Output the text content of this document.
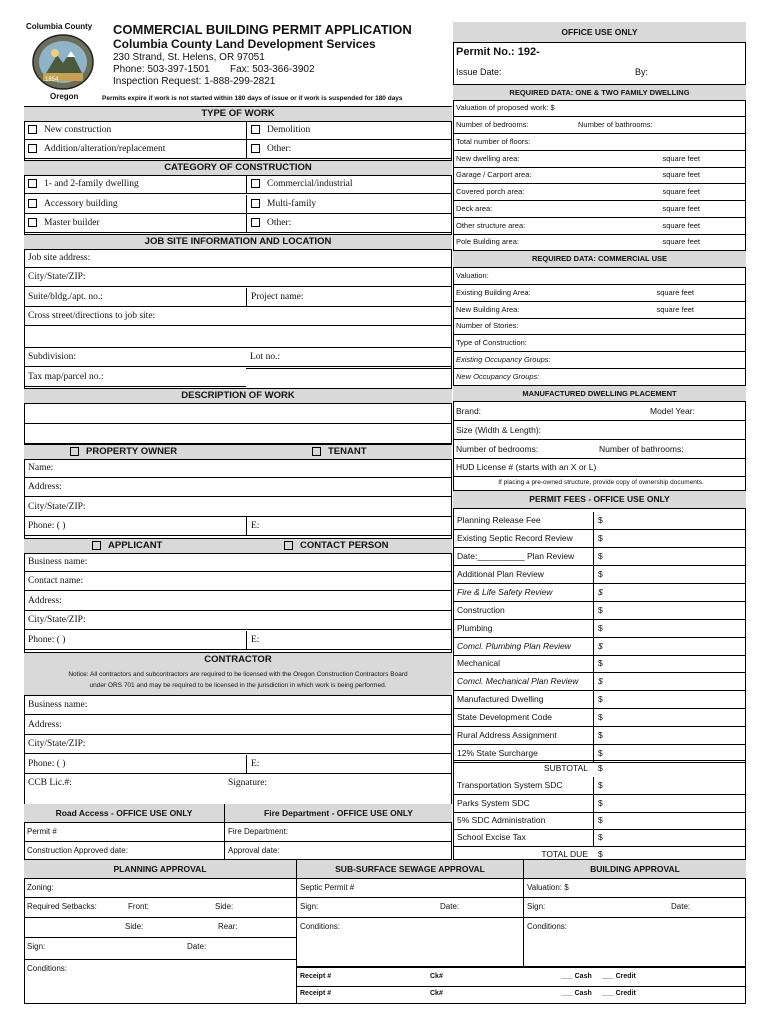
Columbia County
1854
Oregon
COMMERCIAL BUILDING PERMIT APPLICATION
Columbia County Land Development Services
230 Strand, St. Helens, OR 97051
Phone: 503-397-1501 Fax: 503-366-3902
Inspection Request: 1-888-299-2821
Permits expire if work is not started within 180 days of issue or if work is suspended for 180 days
TYPE OF WORK
New construction	Demolition
Addition/alteration/replacement	Other:
CATEGORY OF CONSTRUCTION
1- and 2-family dwelling	Commercial/industrial
Accessory building	Multi-family
Master builder	Other:
JOB SITE INFORMATION AND LOCATION
Job site address:
City/State/ZIP:
Suite/bldg./apt. no.:	Project name:
Cross street/directions to job site:
Subdivision:	Lot no.:
Tax map/parcel no.:
DESCRIPTION OF WORK
PROPERTY OWNER	TENANT
Name:
Address:
City/State/ZIP:
Phone: ( )	E:
APPLICANT	CONTACT PERSON
Business name:
Contact name:
Address:
City/State/ZIP:
Phone: ( )	E:
CONTRACTOR
Notice: All contractors and subcontractors are required to be licensed with the Oregon Construction Contractors Board
under ORS 701 and may be required to be licensed in the jurisdiction in which work is being performed.
Business name:
Address:
City/State/ZIP:
Phone: ( )	E:
CCB Lic.#:	Signature:
Road Access - OFFICE USE ONLY	Fire Department - OFFICE USE ONLY
Permit #	Fire Department:
Construction Approved date:	Approval date:
OFFICE USE ONLY
Permit No.: 192-
Issue Date:	By:
REQUIRED DATA: ONE & TWO FAMILY DWELLING
Valuation of proposed work: $
Number of bedrooms:	Number of bathrooms:
Total number of floors:
New dwelling area:	square feet
Garage / Carport area:	square feet
Covered porch area:	square feet
Deck area:	square feet
Other structure area:	square feet
Pole Building area:	square feet
REQUIRED DATA: COMMERCIAL USE
Valuation:
Existing Building Area:	square feet
New Building Area:	square feet
Number of Stories:
Type of Construction:
Existing Occupancy Groups:
New Occupancy Groups:
MANUFACTURED DWELLING PLACEMENT
Brand:	Model Year:
Size (Width & Length):
Number of bedrooms:	Number of bathrooms:
HUD License # (starts with an X or L)
If placing a pre-owned structure, provide copy of ownership documents.
PERMIT FEES - OFFICE USE ONLY
Planning Release Fee	$
Existing Septic Record Review	$
Date:__________ Plan Review	$
Additional Plan Review	$
Fire & Life Safety Review	$
Construction	$
Plumbing	$
Comcl. Plumbing Plan Review	$
Mechanical	$
Comcl. Mechanical Plan Review	$
Manufactured Dwelling	$
State Development Code	$
Rural Address Assignment	$
12% State Surcharge	$
SUBTOTAL	$
Transportation System SDC	$
Parks System SDC	$
5% SDC Administration	$
School Excise Tax	$
TOTAL DUE	$
PLANNING APPROVAL
Zoning:
Required Setbacks:	Front:	Side:
Side:	Rear:
Sign:	Date:
Conditions:
SUB-SURFACE SEWAGE APPROVAL
Septic Permit #
Sign:	Date:
Conditions:
BUILDING APPROVAL
Valuation: $
Sign:	Date:
Conditions:
Receipt #	Ck#	___ Cash ___ Credit
Receipt #	Ck#	___ Cash ___ Credit
